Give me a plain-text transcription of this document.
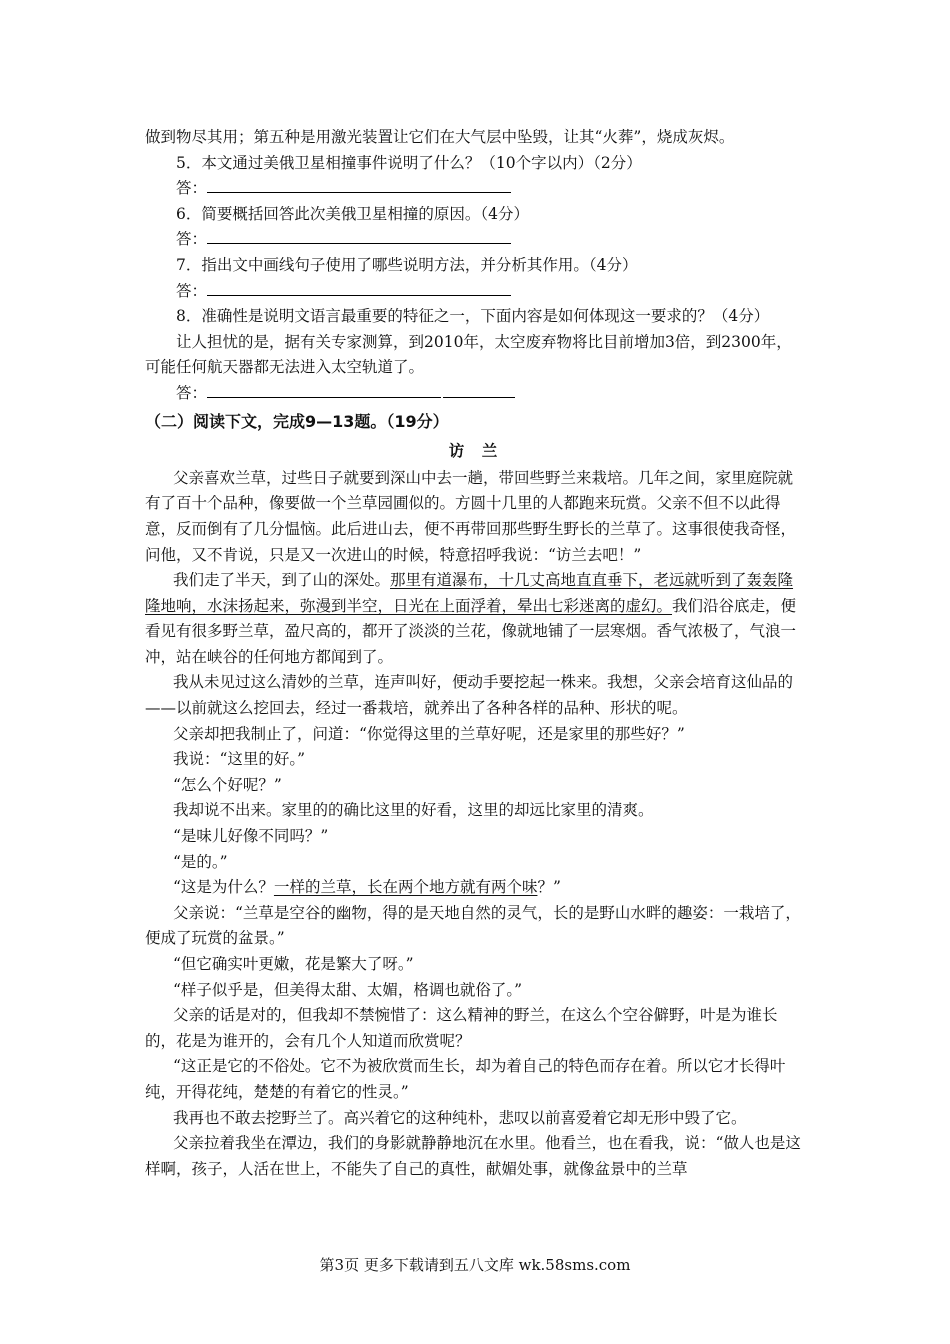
做到物尽其用；第五种是用激光装置让它们在大气层中坠毁，让其“火葬”，烧成灰烬。

5．本文通过美俄卫星相撞事件说明了什么？（10个字以内）（2分）

答：

6．简要概括回答此次美俄卫星相撞的原因。（4分）

答：

7．指出文中画线句子使用了哪些说明方法，并分析其作用。（4分）

答：

8．准确性是说明文语言最重要的特征之一，下面内容是如何体现这一要求的？（4分）

让人担忧的是，据有关专家测算，到2010年，太空废弃物将比目前增加3倍，到2300年，可能任何航天器都无法进入太空轨道了。

答：

（二）阅读下文，完成9—13题。（19分）

访 兰

父亲喜欢兰草，过些日子就要到深山中去一趟，带回些野兰来栽培。几年之间，家里庭院就有了百十个品种，像要做一个兰草园圃似的。方圆十几里的人都跑来玩赏。父亲不但不以此得意，反而倒有了几分愠恼。此后进山去，便不再带回那些野生野长的兰草了。这事很使我奇怪，问他，又不肯说，只是又一次进山的时候，特意招呼我说：“访兰去吧！”

我们走了半天，到了山的深处。那里有道瀑布，十几丈高地直直垂下，老远就听到了轰轰隆隆地响，水沫扬起来，弥漫到半空，日光在上面浮着，晕出七彩迷离的虚幻。我们沿谷底走，便看见有很多野兰草，盈尺高的，都开了淡淡的兰花，像就地铺了一层寒烟。香气浓极了，气浪一冲，站在峡谷的任何地方都闻到了。

我从未见过这么清妙的兰草，连声叫好，便动手要挖起一株来。我想，父亲会培育这仙品的——以前就这么挖回去，经过一番栽培，就养出了各种各样的品种、形状的呢。

父亲却把我制止了，问道：“你觉得这里的兰草好呢，还是家里的那些好？”

我说：“这里的好。”

“怎么个好呢？”

我却说不出来。家里的的确比这里的好看，这里的却远比家里的清爽。

“是味儿好像不同吗？”

“是的。”

“这是为什么？一样的兰草，长在两个地方就有两个味？”

父亲说：“兰草是空谷的幽物，得的是天地自然的灵气，长的是野山水畔的趣姿：一栽培了，便成了玩赏的盆景。”

“但它确实叶更嫩，花是繁大了呀。”

“样子似乎是，但美得太甜、太媚，格调也就俗了。”

父亲的话是对的，但我却不禁惋惜了：这么精神的野兰，在这么个空谷僻野，叶是为谁长的，花是为谁开的，会有几个人知道而欣赏呢？

“这正是它的不俗处。它不为被欣赏而生长，却为着自己的特色而存在着。所以它才长得叶纯，开得花纯，楚楚的有着它的性灵。”

我再也不敢去挖野兰了。高兴着它的这种纯朴，悲叹以前喜爱着它却无形中毁了它。

父亲拉着我坐在潭边，我们的身影就静静地沉在水里。他看兰，也在看我，说：“做人也是这样啊，孩子，人活在世上，不能失了自己的真性，献媚处事，就像盆景中的兰草

第3页 更多下载请到五八文库 wk.58sms.com
